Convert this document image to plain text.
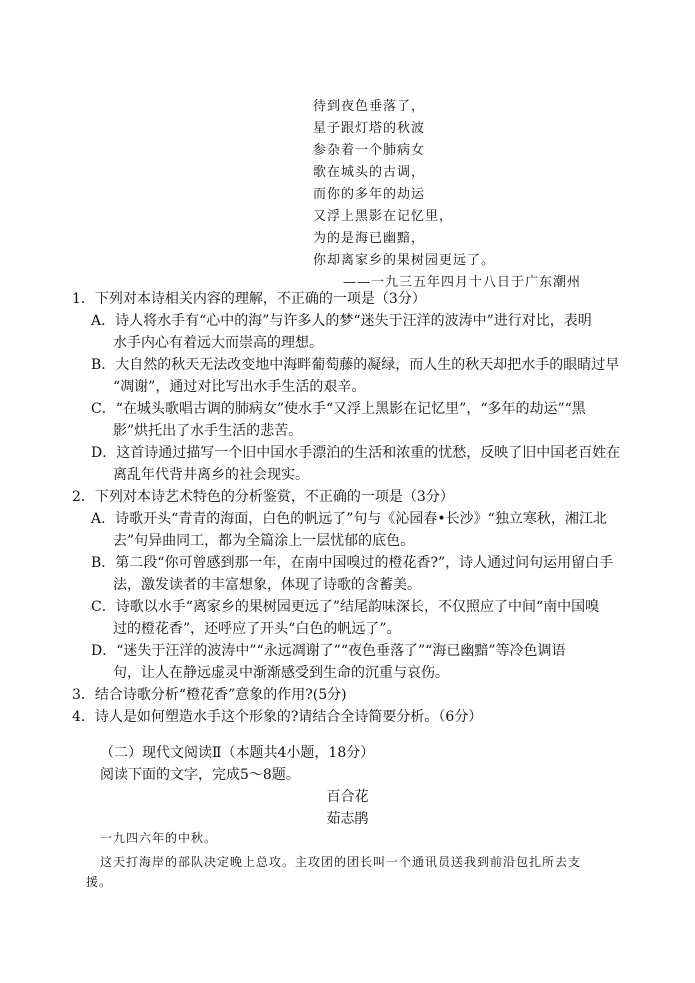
待到夜色垂落了，
星子跟灯塔的秋波
参杂着一个肺病女
歌在城头的古调，
而你的多年的劫运
又浮上黑影在记忆里，
为的是海已幽黯，
你却离家乡的果树园更远了。
——一九三五年四月十八日于广东潮州
1．下列对本诗相关内容的理解，不正确的一项是（3分）
A．诗人将水手有“心中的海”与许多人的梦“迷失于汪洋的波涛中”进行对比，表明
水手内心有着远大而崇高的理想。
B．大自然的秋天无法改变地中海畔葡萄藤的凝绿，而人生的秋天却把水手的眼睛过早
“凋谢”，通过对比写出水手生活的艰辛。
C．“在城头歌唱古调的肺病女”使水手“又浮上黑影在记忆里”，“多年的劫运”“黑
影”烘托出了水手生活的悲苦。
D．这首诗通过描写一个旧中国水手漂泊的生活和浓重的忧愁，反映了旧中国老百姓在
离乱年代背井离乡的社会现实。
2．下列对本诗艺术特色的分析鉴赏，不正确的一项是（3分）
A．诗歌开头“青青的海面，白色的帆远了”句与《沁园春•长沙》“独立寒秋，湘江北
去”句异曲同工，都为全篇涂上一层忧郁的底色。
B．第二段“你可曾感到那一年，在南中国嗅过的橙花香?”，诗人通过问句运用留白手
法，激发读者的丰富想象，体现了诗歌的含蓄美。
C．诗歌以水手“离家乡的果树园更远了”结尾韵味深长，不仅照应了中间“南中国嗅
过的橙花香”，还呼应了开头“白色的帆远了”。
D．“迷失于汪洋的波涛中”“永远凋谢了”“夜色垂落了”“海已幽黯”等冷色调语
句，让人在静远虚灵中渐渐感受到生命的沉重与哀伤。
3．结合诗歌分析“橙花香”意象的作用?(5分)
4．诗人是如何塑造水手这个形象的?请结合全诗简要分析。（6分）
（二）现代文阅读Ⅱ（本题共4小题，18分）
阅读下面的文字，完成5～8题。
百合花
茹志鹃
一九四六年的中秋。
这天打海岸的部队决定晚上总攻。主攻团的团长叫一个通讯员送我到前沿包扎所去支
援。
